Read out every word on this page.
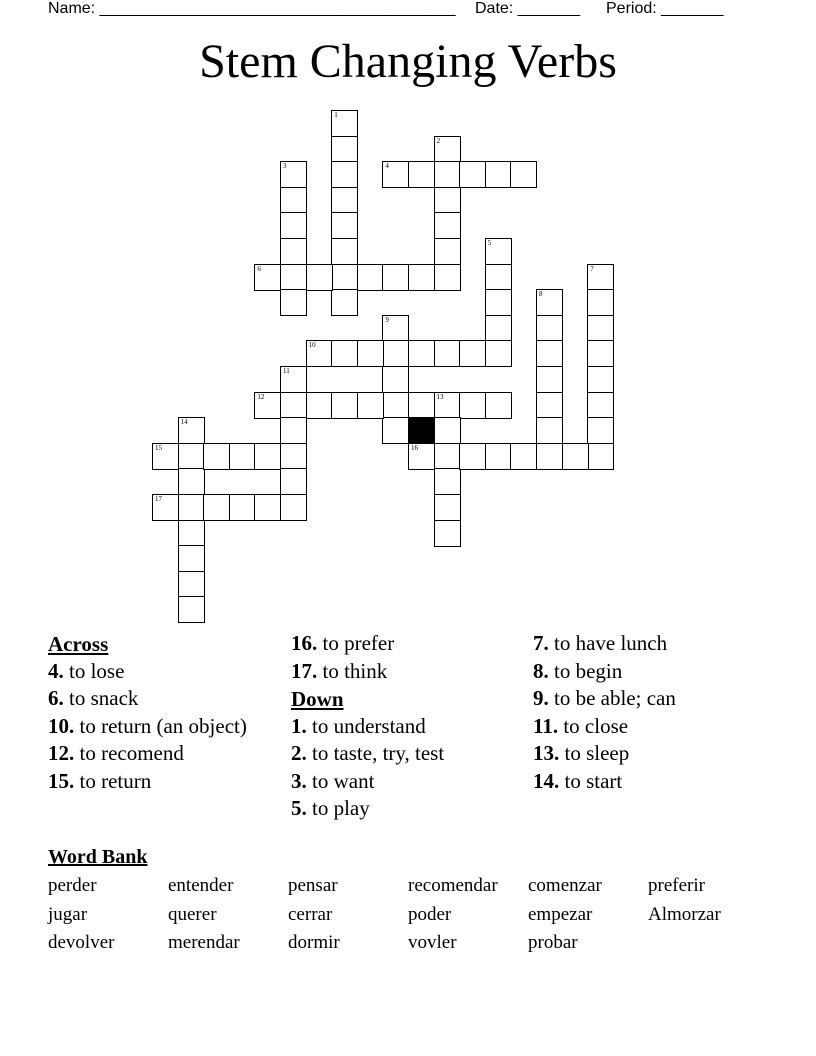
Name: ________________________________________ Date: _______ Period: _______
Stem Changing Verbs
1
2
3	4
5
6	7
8
9
10
11
12	13
14
15	16
17
Across
4. to lose
6. to snack
10. to return (an object)
12. to recomend
15. to return
16. to prefer
17. to think
Down
1. to understand
2. to taste, try, test
3. to want
5. to play
7. to have lunch
8. to begin
9. to be able; can
11. to close
13. to sleep
14. to start
Word Bank
perder	entender	pensar	recomendar comenzar preferir
jugar	querer	cerrar	poder	empezar	Almorzar
devolver	merendar	dormir	vovler	probar
